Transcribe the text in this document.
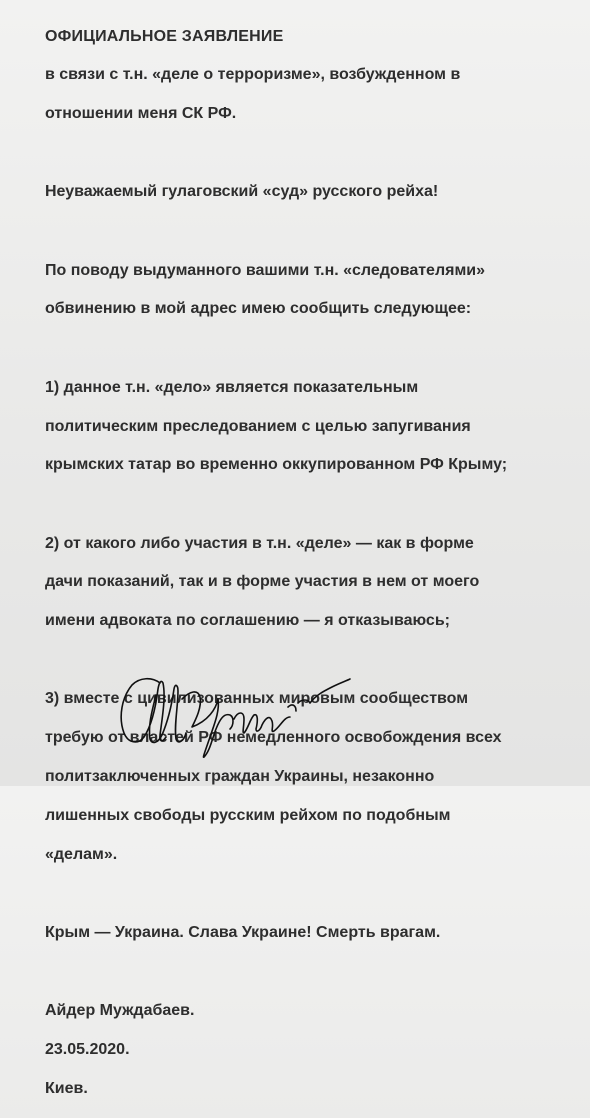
ОФИЦИАЛЬНОЕ ЗАЯВЛЕНИЕ

в связи с т.н. «деле о терроризме», возбужденном в

отношении меня СК РФ.

Неуважаемый гулаговский «суд» русского рейха!

По поводу выдуманного вашими т.н. «следователями»

обвинению в мой адрес имею сообщить следующее:

1) данное т.н. «дело» является показательным

политическим преследованием с целью запугивания

крымских татар во временно оккупированном РФ Крыму;

2) от какого либо участия в т.н. «деле» — как в форме

дачи показаний, так и в форме участия в нем от моего

имени адвоката по соглашению — я отказываюсь;

3) вместе с цивилизованных мировым сообществом

требую от властей РФ немедленного освобождения всех

политзаключенных граждан Украины, незаконно

лишенных свободы русским рейхом по подобным

«делам».

Крым — Украина. Слава Украине! Смерть врагам.

Айдер Муждабаев.

23.05.2020.

Киев.
